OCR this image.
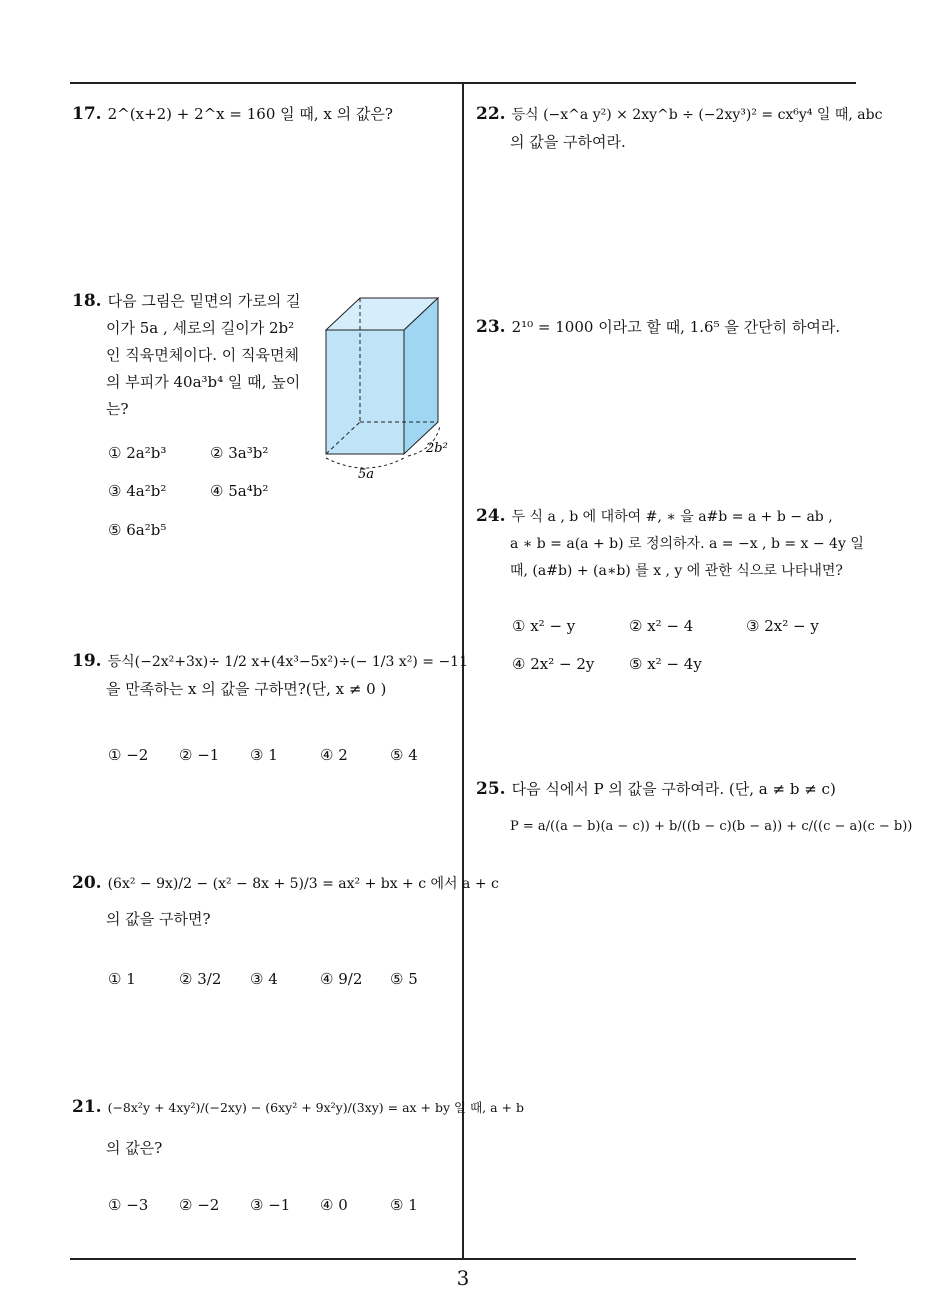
17. 2^(x+2) + 2^x = 160 일 때, x 의 값은?
18. 다음 그림은 밑면의 가로의 길
이가 5a , 세로의 길이가 2b²
인 직육면체이다. 이 직육면체
의 부피가 40a³b⁴ 일 때, 높이
는?
① 2a²b³	② 3a³b²
③ 4a²b²	④ 5a⁴b²
⑤ 6a²b⁵
5a
2b²
19. 등식(−2x²+3x)÷ 1/2 x+(4x³−5x²)÷(− 1/3 x²) = −11
을 만족하는 x 의 값을 구하면?(단, x ≠ 0 )
① −2 ② −1 ③ 1	④ 2	⑤ 4
20. (6x² − 9x)/2 − (x² − 8x + 5)/3 = ax² + bx + c 에서 a + c
의 값을 구하면?
① 1	② 3/2 ③ 4	④ 9/2 ⑤ 5
21. (−8x²y + 4xy²)/(−2xy) − (6xy² + 9x²y)/(3xy) = ax + by 일 때, a + b
의 값은?
① −3 ② −2 ③ −1 ④ 0	⑤ 1
22. 등식 (−x^a y²) × 2xy^b ÷ (−2xy³)² = cx⁶y⁴ 일 때, abc
의 값을 구하여라.
23. 2¹⁰ = 1000 이라고 할 때, 1.6⁵ 을 간단히 하여라.
24. 두 식 a , b 에 대하여 #, ∗ 을 a#b = a + b − ab ,
a ∗ b = a(a + b) 로 정의하자. a = −x , b = x − 4y 일
때, (a#b) + (a∗b) 를 x , y 에 관한 식으로 나타내면?
① x² − y	② x² − 4	③ 2x² − y
④ 2x² − 2y ⑤ x² − 4y
25. 다음 식에서 P 의 값을 구하여라. (단, a ≠ b ≠ c)
P = a/((a − b)(a − c)) + b/((b − c)(b − a)) + c/((c − a)(c − b))
3
